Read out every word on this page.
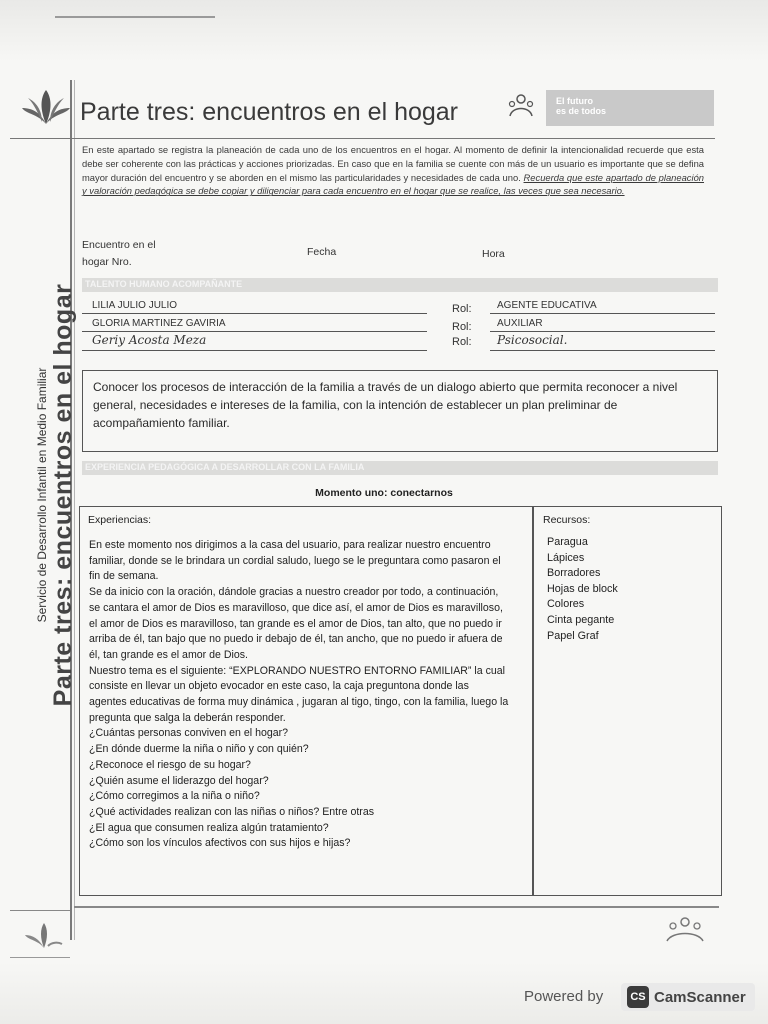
Servicio de Desarrollo Infantil en Medio Familiar Parte tres: encuentros en el hogar
Parte tres: encuentros en el hogar	El futuro
es de todos
En este apartado se registra la planeación de cada uno de los encuentros en el hogar. Al momento de definir la intencionalidad recuerde que esta debe ser coherente con las prácticas y acciones priorizadas. En caso que en la familia se cuente con más de un usuario es importante que se defina mayor duración del encuentro y se aborden en el mismo las particularidades y necesidades de cada uno. Recuerda que este apartado de planeación y valoración pedagógica se debe copiar y diligenciar para cada encuentro en el hogar que se realice, las veces que sea necesario.
Encuentro en el hogar Nro.
Fecha	Hora
TALENTO HUMANO ACOMPAÑANTE
LILIA JULIO JULIO	Rol:	AGENTE EDUCATIVA
GLORIA MARTINEZ GAVIRIA	Rol:	AUXILIAR
Geriy Acosta Meza	Rol: Psicosocial.
Conocer los procesos de interacción de la familia a través de un dialogo abierto que permita reconocer a nivel general, necesidades e intereses de la familia, con la intención de establecer un plan preliminar de acompañamiento familiar.
EXPERIENCIA PEDAGÓGICA A DESARROLLAR CON LA FAMILIA
Momento uno: conectarnos
Experiencias:	Recursos:

En este momento nos dirigimos a la casa del usuario, para realizar nuestro encuentro familiar, donde se le brindara un cordial saludo, luego se le preguntara como pasaron el fin de semana.

Se da inicio con la oración, dándole gracias a nuestro creador por todo, a continuación, se cantara el amor de Dios es maravilloso, que dice así, el amor de Dios es maravilloso, el amor de Dios es maravilloso, tan grande es el amor de Dios, tan alto, que no puedo ir arriba de él, tan bajo que no puedo ir debajo de él, tan ancho, que no puedo ir afuera de él, tan grande es el amor de Dios.

Nuestro tema es el siguiente: “EXPLORANDO NUESTRO ENTORNO FAMILIAR” la cual consiste en llevar un objeto evocador en este caso, la caja preguntona donde las agentes educativas de forma muy dinámica , jugaran al tigo, tingo, con la familia, luego la pregunta que salga la deberán responder.

¿Cuántas personas conviven en el hogar?

¿En dónde duerme la niña o niño y con quién?

¿Reconoce el riesgo de su hogar?

¿Quién asume el liderazgo del hogar?

¿Cómo corregimos a la niña o niño?

¿Qué actividades realizan con las niñas o niños? Entre otras

¿El agua que consumen realiza algún tratamiento?

¿Cómo son los vínculos afectivos con sus hijos e hijas?

Paragua
Lápices
Borradores
Hojas de block
Colores
Cinta pegante
Papel Graf
Powered by	CS CamScanner
